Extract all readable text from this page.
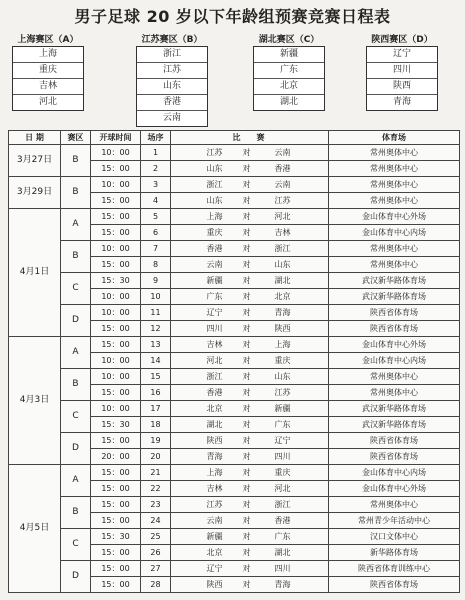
男子足球 20 岁以下年龄组预赛竞赛日程表
上海赛区（A）
上海
重庆
吉林
河北
江苏赛区（B）
浙江
江苏
山东
香港
云南
湖北赛区（C）
新疆
广东
北京
湖北
陕西赛区（D）
辽宁
四川
陕西
青海
日 期	赛区	开球时间	场序		比　　赛		体育场
3月27日	B	10：00	1	江苏	对	云南	常州奥体中心
		15：00	2	山东	对	香港	常州奥体中心
3月29日	B	10：00	3	浙江	对	云南	常州奥体中心
		15：00	4	山东	对	江苏	常州奥体中心
4月1日	A	15：00	5	上海	对	河北	金山体育中心外场
		15：00	6	重庆	对	吉林	金山体育中心内场
	B	10：00	7	香港	对	浙江	常州奥体中心
		15：00	8	云南	对	山东	常州奥体中心
	C	15：30	9	新疆	对	湖北	武汉新华路体育场
		10：00	10	广东	对	北京	武汉新华路体育场
	D	10：00	11	辽宁	对	青海	陕西省体育场
		15：00	12	四川	对	陕西	陕西省体育场
4月3日	A	15：00	13	吉林	对	上海	金山体育中心外场
		10：00	14	河北	对	重庆	金山体育中心内场
	B	10：00	15	浙江	对	山东	常州奥体中心
		15：00	16	香港	对	江苏	常州奥体中心
	C	10：00	17	北京	对	新疆	武汉新华路体育场
		15：30	18	湖北	对	广东	武汉新华路体育场
	D	15：00	19	陕西	对	辽宁	陕西省体育场
		20：00	20	青海	对	四川	陕西省体育场
4月5日	A	15：00	21	上海	对	重庆	金山体育中心内场
		15：00	22	吉林	对	河北	金山体育中心外场
	B	15：00	23	江苏	对	浙江	常州奥体中心
		15：00	24	云南	对	香港	常州青少年活动中心
	C	15：30	25	新疆	对	广东	汉口文体中心
		15：00	26	北京	对	湖北	新华路体育场
	D	15：00	27	辽宁	对	四川	陕西省体育训练中心
		15：00	28	陕西	对	青海	陕西省体育场
